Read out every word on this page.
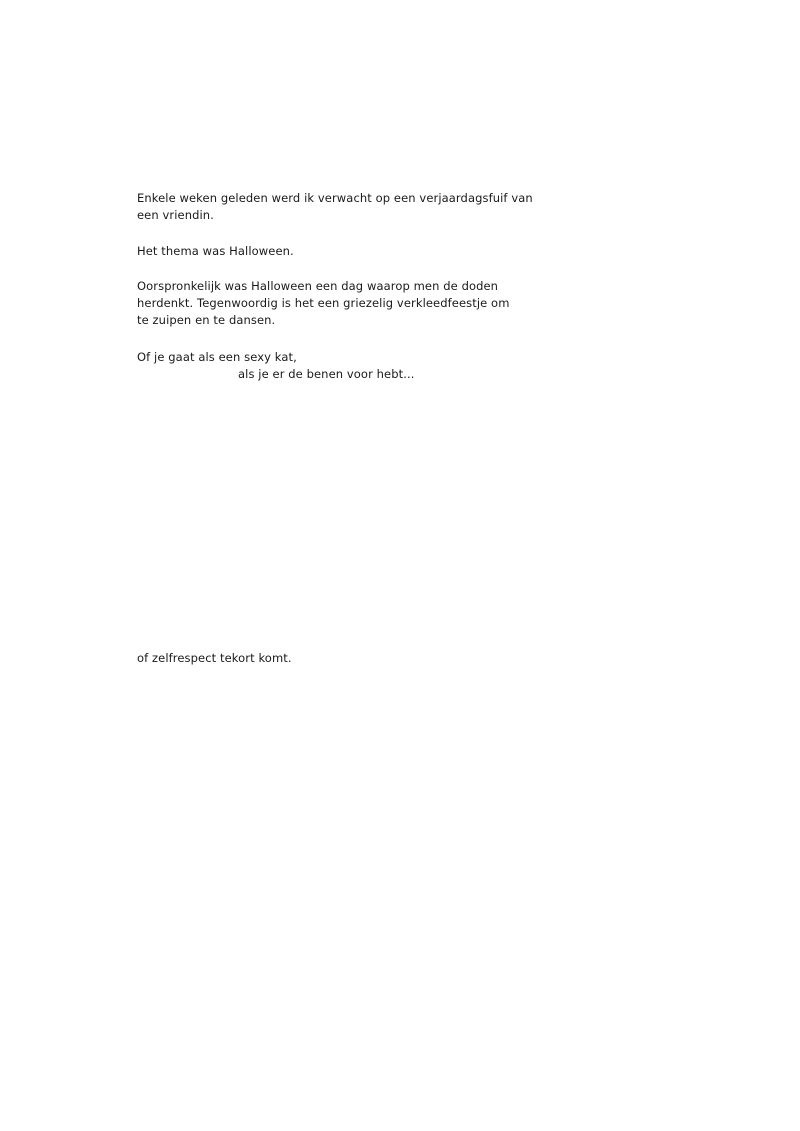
Enkele weken geleden werd ik verwacht op een verjaardagsfuif van
een vriendin.
Het thema was Halloween.
Oorspronkelijk was Halloween een dag waarop men de doden
herdenkt. Tegenwoordig is het een griezelig verkleedfeestje om
te zuipen en te dansen.
Of je gaat als een sexy kat,
als je er de benen voor hebt...
of zelfrespect tekort komt.
